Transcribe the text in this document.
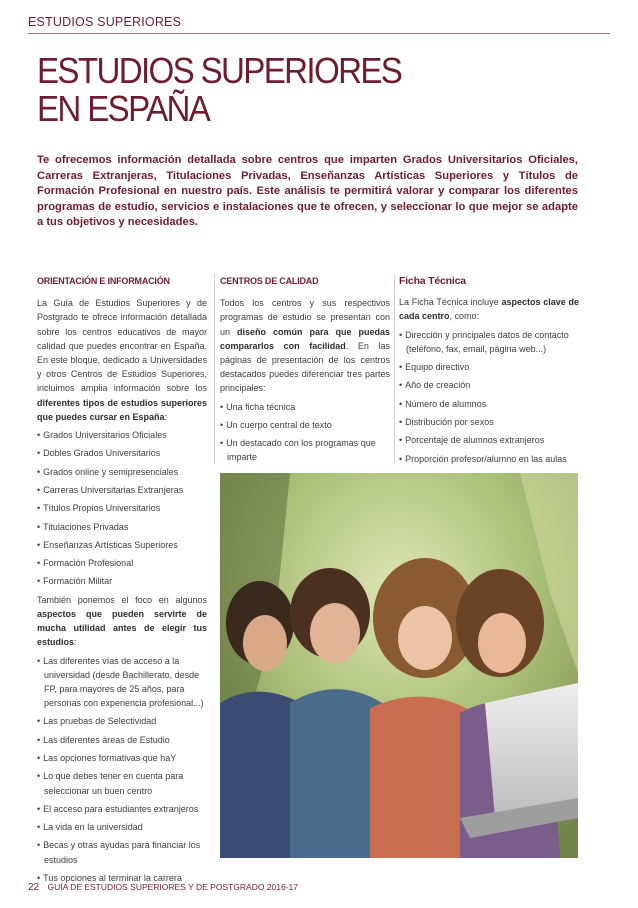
ESTUDIOS SUPERIORES
ESTUDIOS SUPERIORES
EN ESPAÑA

Te ofrecemos información detallada sobre centros que imparten Grados Universitarios Oficiales, Carreras Extranjeras, Titulaciones Privadas, Enseñanzas Artísticas Superiores y Títulos de Formación Profesional en nuestro país. Este análisis te permitirá valorar y comparar los diferentes programas de estudio, servicios e instalaciones que te ofrecen, y seleccionar lo que mejor se adapte a tus objetivos y necesidades.

ORIENTACIÓN E INFORMACIÓN

La Guía de Estudios Superiores y de Postgrado te ofrece información detallada sobre los centros educativos de mayor calidad que puedes encontrar en España. En este bloque, dedicado a Universidades y otros Centros de Estudios Superiores, incluimos amplia información sobre los diferentes tipos de estudios superiores que puedes cursar en España:

• Grados Universitarios Oficiales
• Dobles Grados Universitarios
• Grados online y semipresenciales
• Carreras Universitarias Extranjeras
• Títulos Propios Universitarios
• Titulaciones Privadas
• Enseñanzas Artísticas Superiores
• Formación Profesional
• Formación Militar

También ponemos el foco en algunos aspectos que pueden servirte de mucha utilidad antes de elegir tus estudios:

• Las diferentes vías de acceso a la universidad (desde Bachillerato, desde FP, para mayores de 25 años, para personas con experiencia profesional...)
• Las pruebas de Selectividad
• Las diferentes áreas de Estudio
• Las opciones formativas que haY
• Lo que debes tener en cuenta para seleccionar un buen centro
• El acceso para estudiantes extranjeros
• La vida en la universidad
• Becas y otras ayudas para financiar los estudios
• Tus opciones al terminar la carrera
CENTROS DE CALIDAD

Todos los centros y sus respectivos programas de estudio se presentan con un diseño común para que puedas compararlos con facilidad. En las páginas de presentación de los centros destacados puedes diferenciar tres partes principales:

• Una ficha técnica
• Un cuerpo central de texto
• Un destacado con los programas que imparte
Ficha Técnica

La Ficha Técnica incluye aspectos clave de cada centro, como:

• Dirección y principales datos de contacto (teléfono, fax, email, página web...)
• Equipo directivo
• Año de creación
• Número de alumnos
• Distribución por sexos
• Porcentaje de alumnos extranjeros
• Proporción profesor/alumno en las aulas
22 GUÍA DE ESTUDIOS SUPERIORES Y DE POSTGRADO 2016-17
